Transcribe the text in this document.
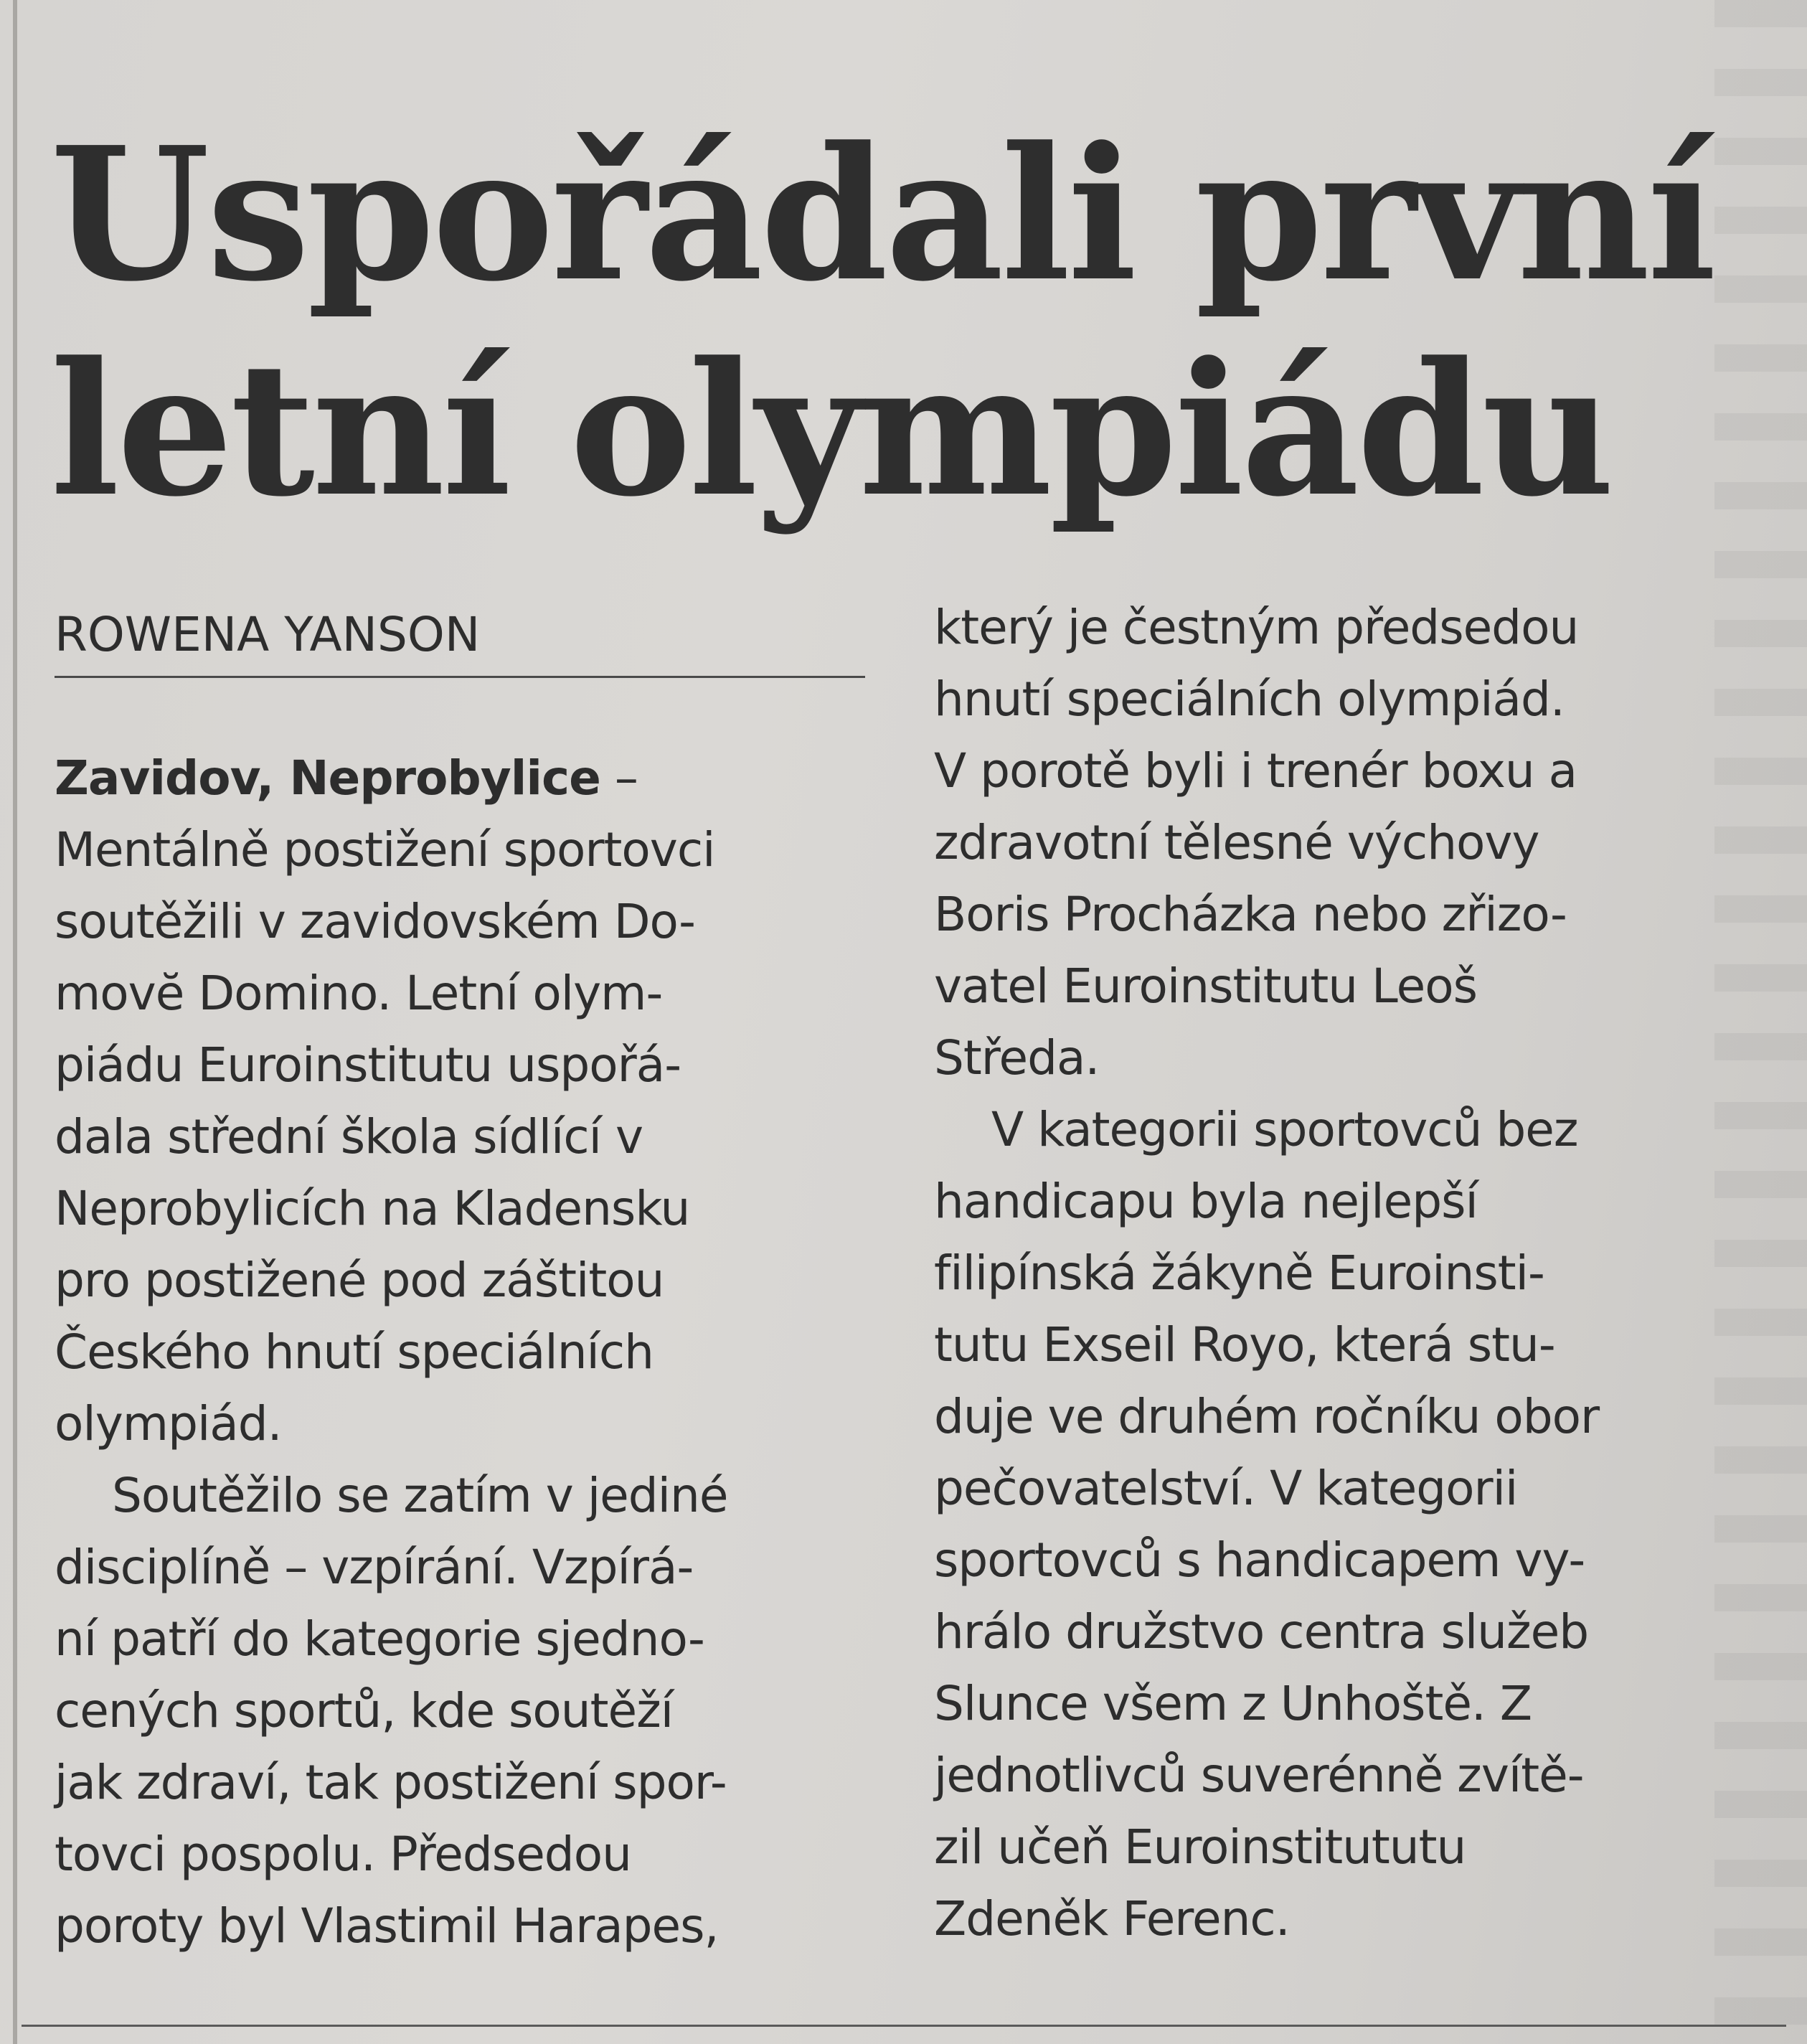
Uspořádali první
letní olympiádu
ROWENA YANSON
Zavidov, Neprobylice –
Mentálně postižení sportovci
soutěžili v zavidovském Do-
movĕ Domino. Letní olym-
piádu Euroinstitutu uspořá-
dala střední škola sídlící v
Neprobylicích na Kladensku
pro postižené pod záštitou
Českého hnutí speciálních
olympiád.
Soutěžilo se zatím v jediné
disciplíně – vzpírání. Vzpírá-
ní patří do kategorie sjedno-
cených sportů, kde soutěží
jak zdraví, tak postižení spor-
tovci pospolu. Předsedou
poroty byl Vlastimil Harapes,
který je čestným předsedou
hnutí speciálních olympiád.
V porotě byli i trenér boxu a
zdravotní tělesné výchovy
Boris Procházka nebo zřizo-
vatel Euroinstitutu Leoš
Středa.
V kategorii sportovců bez
handicapu byla nejlepší
filipínská žákyně Euroinsti-
tutu Exseil Royo, která stu-
duje ve druhém ročníku obor
pečovatelství. V kategorii
sportovců s handicapem vy-
hrálo družstvo centra služeb
Slunce všem z Unhoště. Z
jednotlivců suverénně zvítě-
zil učeň Euroinstitututu
Zdeněk Ferenc.
